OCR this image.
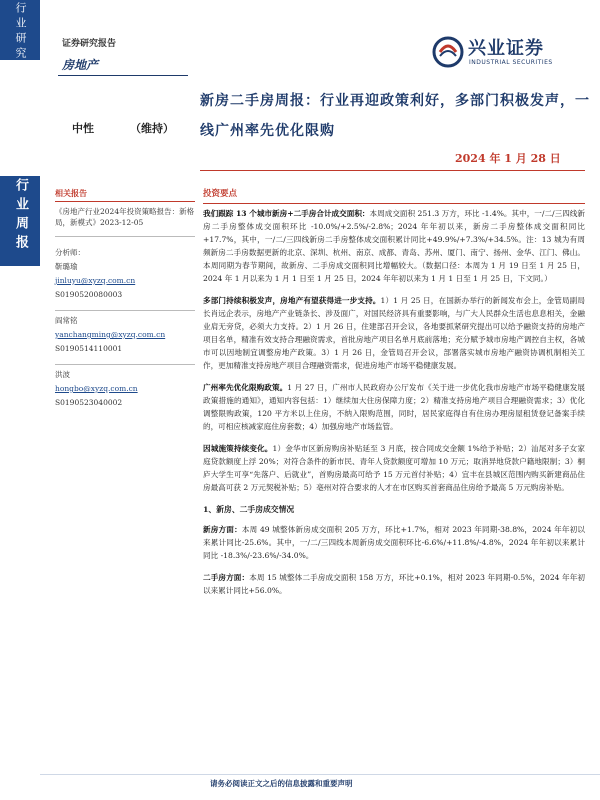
行业研究
行业周报
证券研究报告
房地产
兴业证券
INDUSTRIAL SECURITIES
中性	（维持）
新房二手房周报：行业再迎政策利好，多部门积极发声，一线广州率先优化限购
2024 年 1 月 28 日
相关报告
《房地产行业2024年投资策略报告：新格局，新模式》2023-12-05
分析师：
靳璐瑜
jinluyu@xyzq.com.cn
S0190520080003
阎常铭
yanchangming@xyzq.com.cn
S0190514110001
洪波
hongbo@xyzq.com.cn
S0190523040002
投资要点

我们跟踪 13 个城市新房+二手房合计成交面积：本周成交面积 251.3 万方，环比 -1.4%。其中，一/二/三四线新房二手房整体成交面积环比 -10.0%/+2.5%/-2.8%；2024 年年初以来，新房二手房整体成交面积同比+17.7%，其中，一/二/三四线新房二手房整体成交面积累计同比+49.9%/+7.3%/+34.5%。注：13 城为有周频新房二手房数据更新的北京、深圳、杭州、南京、成都、青岛、苏州、厦门、南宁、扬州、金华、江门、佛山。本周同期为春节期间，故新房、二手房成交面积同比增幅较大。（数据口径：本周为 1 月 19 日至 1 月 25 日，2024 年 1 月以来为 1 月 1 日至 1 月 25 日，2024 年年初以来为 1 月 1 日至 1 月 25 日，下文同。）

多部门持续积极发声，房地产有望获得进一步支持。1）1 月 25 日，在国新办举行的新闻发布会上，金管局副局长肖远企表示，房地产产业链条长、涉及面广，对国民经济具有重要影响，与广大人民群众生活也息息相关，金融业肩无旁贷，必须大力支持。2）1 月 26 日，住建部召开会议，各地要抓紧研究提出可以给予融资支持的房地产项目名单，精准有效支持合理融资需求，首批房地产项目名单月底前落地；充分赋予城市房地产调控自主权，各城市可以因地制宜调整房地产政策。3）1 月 26 日，金管局召开会议，部署落实城市房地产融资协调机制相关工作，更加精准支持房地产项目合理融资需求，促进房地产市场平稳健康发展。

广州率先优化限购政策。1 月 27 日，广州市人民政府办公厅发布《关于进一步优化我市房地产市场平稳健康发展政策措施的通知》，通知内容包括：1）继续加大住房保障力度；2）精准支持房地产项目合理融资需求；3）优化调整限购政策，120 平方米以上住房，不纳入限购范围，同时，居民家庭得自有住房办理房屋租赁登记备案手续的，可相应核减家庭住房套数；4）加强房地产市场监管。

因城施策持续变化。1）金华市区新房购房补贴延至 3 月底，按合同成交金额 1%给予补贴；2）汕尾对多子女家庭贷款额度上浮 20%；对符合条件的新市民、青年人贷款额度可增加 10 万元；取消异地贷款户籍地限制；3）桐庐大学生可享“先落户、后就业”，首购房最高可给予 15 万元首付补贴；4）宜丰在县城区范围内购买新建商品住房最高可获 2 万元契税补贴；5）亳州对符合要求的人才在市区购买首套商品住房给予最高 5 万元购房补贴。

1、新房、二手房成交情况

新房方面：本周 49 城整体新房成交面积 205 万方，环比+1.7%，相对 2023 年同期-38.8%，2024 年年初以来累计同比-25.6%。其中，一/二/三四线本周新房成交面积环比-6.6%/+11.8%/-4.8%，2024 年年初以来累计同比 -18.3%/-23.6%/-34.0%。

二手房方面：本周 15 城整体二手房成交面积 158 万方，环比+0.1%，相对 2023 年同期-0.5%，2024 年年初以来累计同比+56.0%。

请务必阅读正文之后的信息披露和重要声明
